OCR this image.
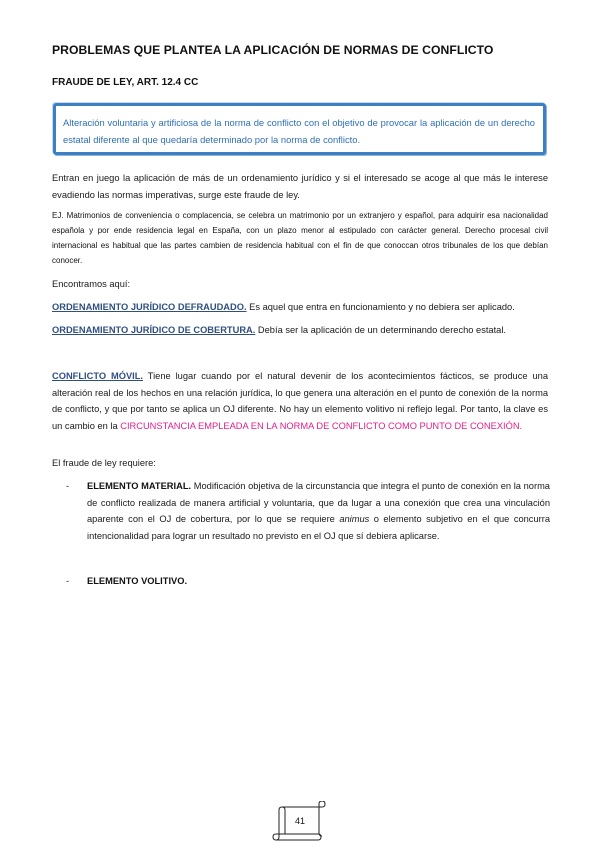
PROBLEMAS QUE PLANTEA LA APLICACIÓN DE NORMAS DE CONFLICTO
FRAUDE DE LEY, ART. 12.4 CC

Alteración voluntaria y artificiosa de la norma de conflicto con el objetivo de provocar la aplicación de un derecho estatal diferente al que quedaría determinado por la norma de conflicto.

Entran en juego la aplicación de más de un ordenamiento jurídico y si el interesado se acoge al que más le interese evadiendo las normas imperativas, surge este fraude de ley.

EJ. Matrimonios de conveniencia o complacencia, se celebra un matrimonio por un extranjero y español, para adquirir esa nacionalidad española y por ende residencia legal en España, con un plazo menor al estipulado con carácter general. Derecho procesal civil internacional es habitual que las partes cambien de residencia habitual con el fin de que conoccan otros tribunales de los que debían conocer.

Encontramos aquí:

ORDENAMIENTO JURÍDICO DEFRAUDADO. Es aquel que entra en funcionamiento y no debiera ser aplicado.

ORDENAMIENTO JURÍDICO DE COBERTURA. Debía ser la aplicación de un determinando derecho estatal.

CONFLICTO MÓVIL. Tiene lugar cuando por el natural devenir de los acontecimientos fácticos, se produce una alteración real de los hechos en una relación jurídica, lo que genera una alteración en el punto de conexión de la norma de conflicto, y que por tanto se aplica un OJ diferente. No hay un elemento volitivo ni reflejo legal. Por tanto, la clave es un cambio en la CIRCUNSTANCIA EMPLEADA EN LA NORMA DE CONFLICTO COMO PUNTO DE CONEXIÓN.

El fraude de ley requiere:

- ELEMENTO MATERIAL. Modificación objetiva de la circunstancia que integra el punto de conexión en la norma de conflicto realizada de manera artificial y voluntaria, que da lugar a una conexión que crea una vinculación aparente con el OJ de cobertura, por lo que se requiere animus o elemento subjetivo en el que concurra intencionalidad para lograr un resultado no previsto en el OJ que sí debiera aplicarse.

- ELEMENTO VOLITIVO.

41
